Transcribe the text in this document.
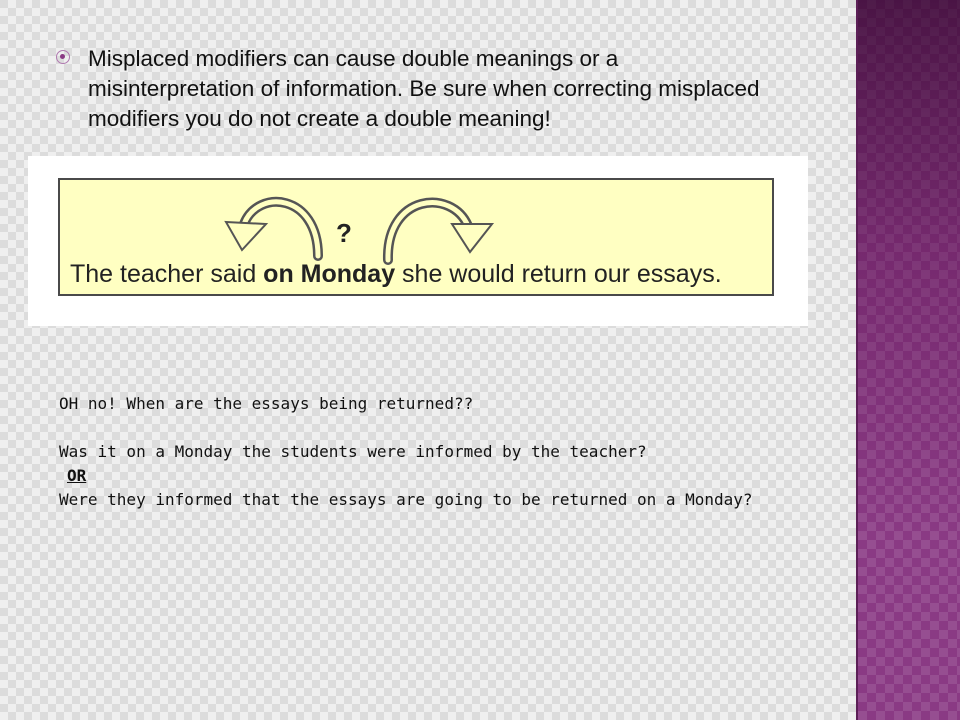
Misplaced modifiers can cause double meanings or a misinterpretation of information. Be sure when correcting misplaced modifiers you do not create a double meaning!
?
The teacher said on Monday she would return our essays.

OH no! When are the essays being returned??

Was it on a Monday the students were informed by the teacher?

OR

Were they informed that the essays are going to be returned on a Monday?
